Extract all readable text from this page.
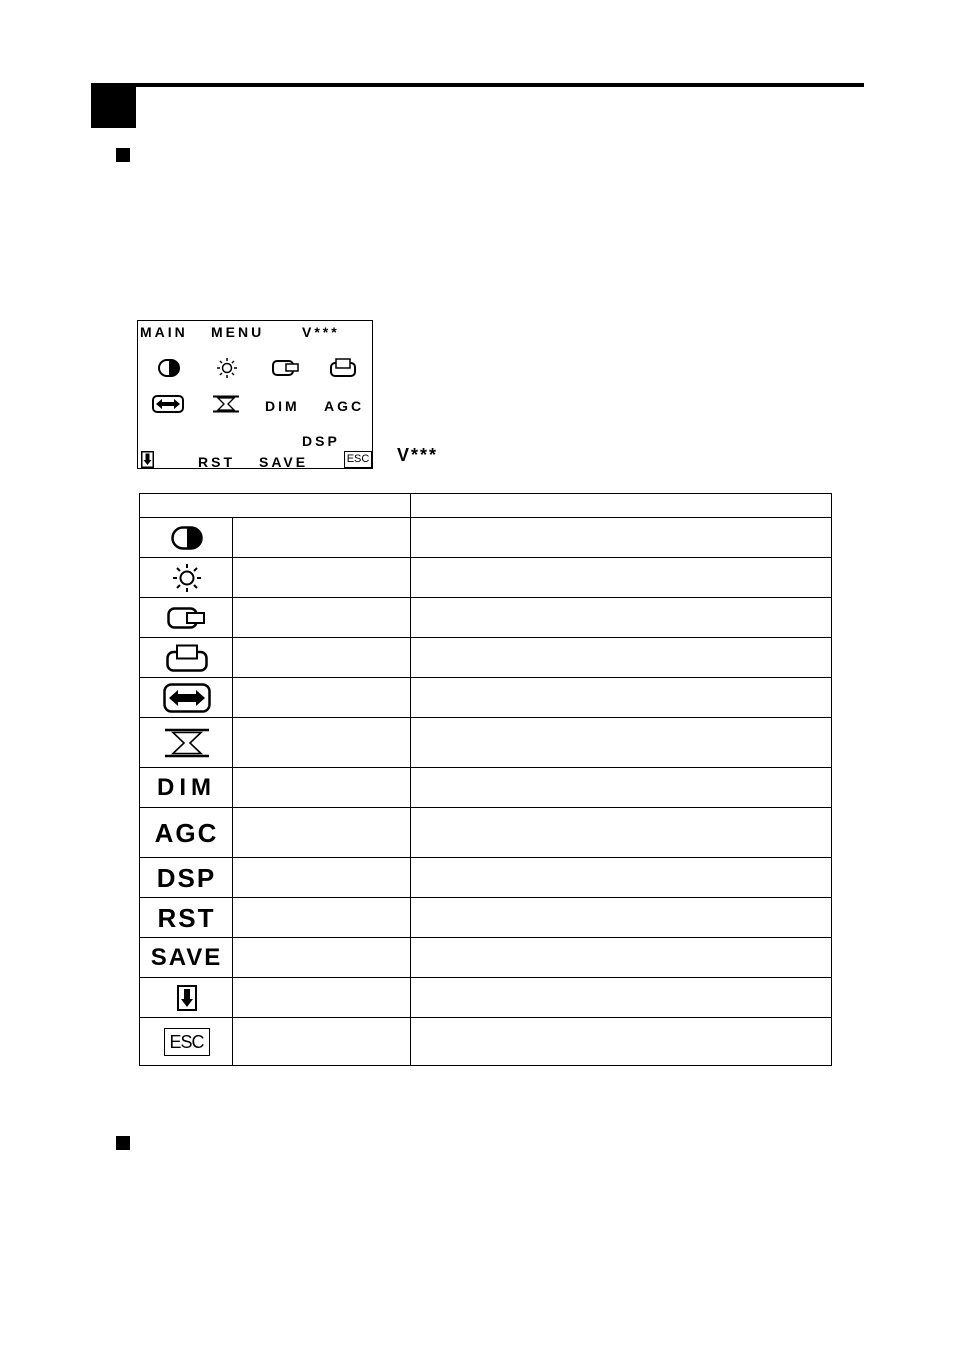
MAIN MENU	V***
DIM AGC
DSP
RST SAVE	ESC V***
DIM
AGC
DSP
RST
SAVE
ESC
